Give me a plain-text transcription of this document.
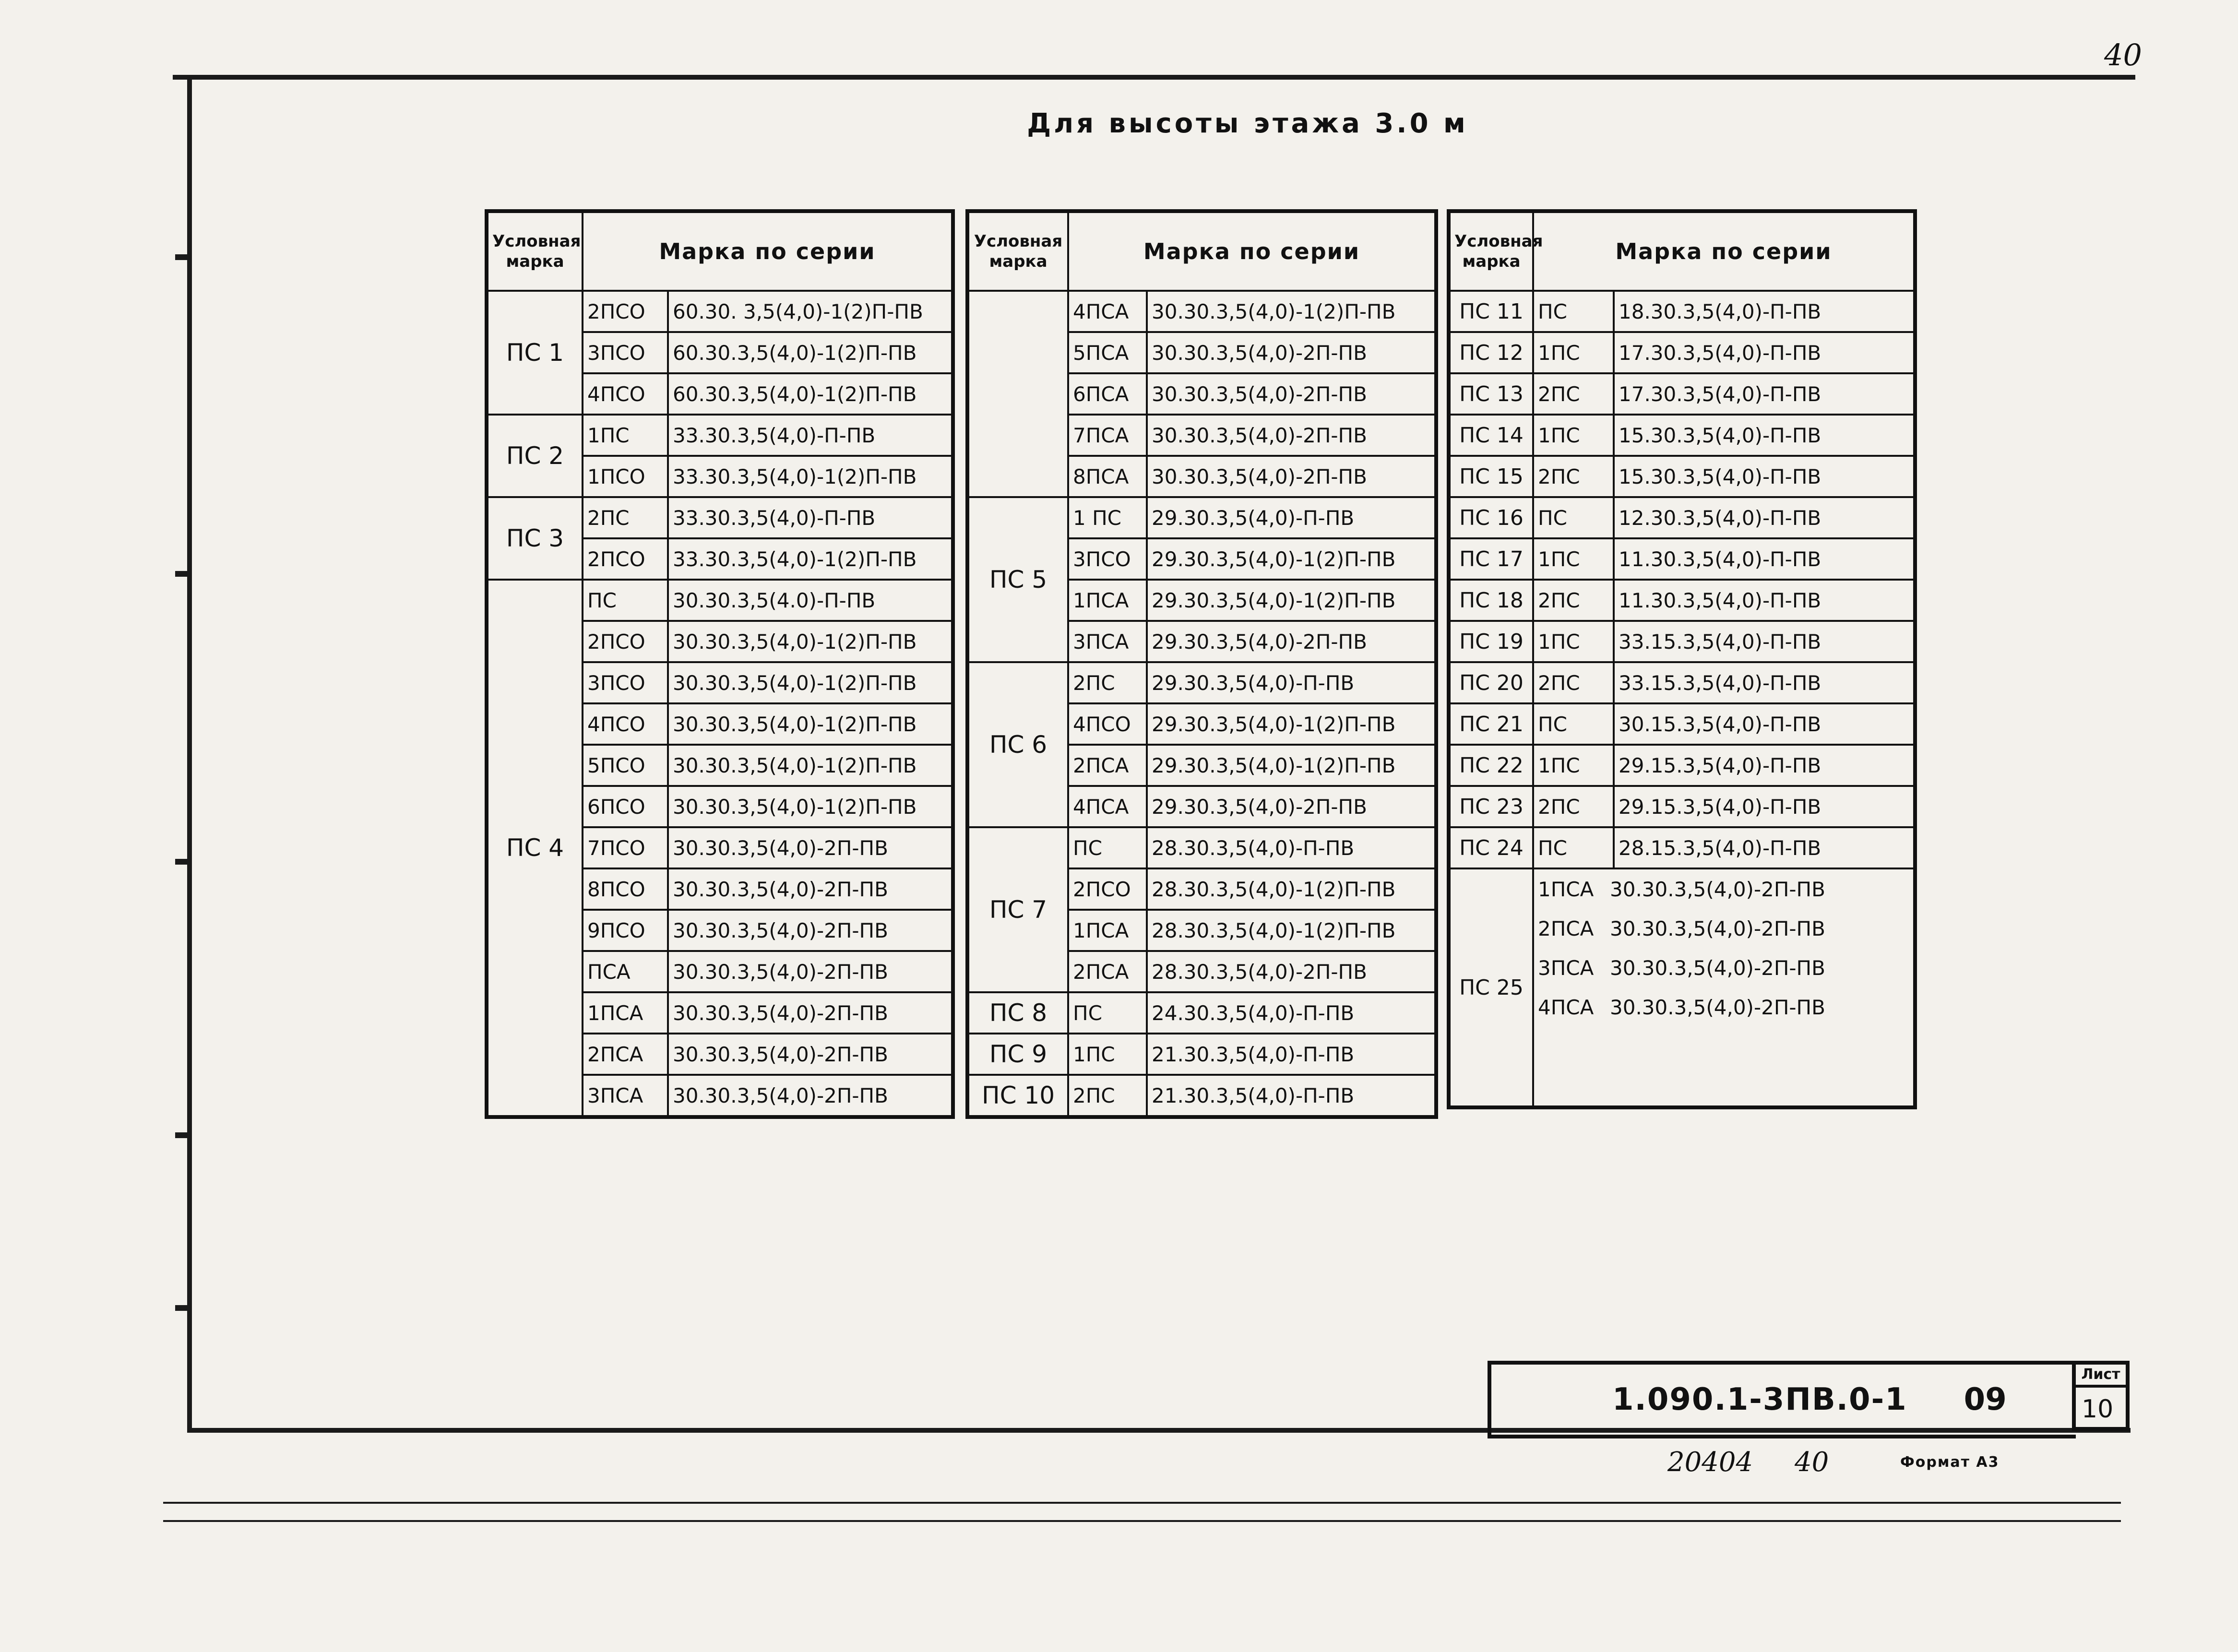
40
Для высоты этажа 3.0 м
Условная марка	Марка по серии	
ПС 1	2ПСО	60.30. 3,5(4,0)-1(2)П-ПВ
	3ПСО	60.30.3,5(4,0)-1(2)П-ПВ
	4ПСО	60.30.3,5(4,0)-1(2)П-ПВ
ПС 2	1ПС	33.30.3,5(4,0)-П-ПВ
	1ПСО	33.30.3,5(4,0)-1(2)П-ПВ
ПС 3	2ПС	33.30.3,5(4,0)-П-ПВ
	2ПСО	33.30.3,5(4,0)-1(2)П-ПВ
ПС 4	ПС	30.30.3,5(4.0)-П-ПВ
	2ПСО	30.30.3,5(4,0)-1(2)П-ПВ
	3ПСО	30.30.3,5(4,0)-1(2)П-ПВ
	4ПСО	30.30.3,5(4,0)-1(2)П-ПВ
	5ПСО	30.30.3,5(4,0)-1(2)П-ПВ
	6ПСО	30.30.3,5(4,0)-1(2)П-ПВ
	7ПСО	30.30.3,5(4,0)-2П-ПВ
	8ПСО	30.30.3,5(4,0)-2П-ПВ
	9ПСО	30.30.3,5(4,0)-2П-ПВ
	ПСА	30.30.3,5(4,0)-2П-ПВ
	1ПСА	30.30.3,5(4,0)-2П-ПВ
	2ПСА	30.30.3,5(4,0)-2П-ПВ
	3ПСА	30.30.3,5(4,0)-2П-ПВ
Условная марка	Марка по серии	
	4ПСА	30.30.3,5(4,0)-1(2)П-ПВ
	5ПСА	30.30.3,5(4,0)-2П-ПВ
	6ПСА	30.30.3,5(4,0)-2П-ПВ
	7ПСА	30.30.3,5(4,0)-2П-ПВ
	8ПСА	30.30.3,5(4,0)-2П-ПВ
ПС 5	1 ПС	29.30.3,5(4,0)-П-ПВ
	3ПСО	29.30.3,5(4,0)-1(2)П-ПВ
	1ПСА	29.30.3,5(4,0)-1(2)П-ПВ
	3ПСА	29.30.3,5(4,0)-2П-ПВ
ПС 6	2ПС	29.30.3,5(4,0)-П-ПВ
	4ПСО	29.30.3,5(4,0)-1(2)П-ПВ
	2ПСА	29.30.3,5(4,0)-1(2)П-ПВ
	4ПСА	29.30.3,5(4,0)-2П-ПВ
ПС 7	ПС	28.30.3,5(4,0)-П-ПВ
	2ПСО	28.30.3,5(4,0)-1(2)П-ПВ
	1ПСА	28.30.3,5(4,0)-1(2)П-ПВ
	2ПСА	28.30.3,5(4,0)-2П-ПВ
ПС 8	ПС	24.30.3,5(4,0)-П-ПВ
ПС 9	1ПС	21.30.3,5(4,0)-П-ПВ
ПС 10	2ПС	21.30.3,5(4,0)-П-ПВ
Условная марка	Марка по серии	
ПС 11	ПС	18.30.3,5(4,0)-П-ПВ
ПС 12	1ПС	17.30.3,5(4,0)-П-ПВ
ПС 13	2ПС	17.30.3,5(4,0)-П-ПВ
ПС 14	1ПС	15.30.3,5(4,0)-П-ПВ
ПС 15	2ПС	15.30.3,5(4,0)-П-ПВ
ПС 16	ПС	12.30.3,5(4,0)-П-ПВ
ПС 17	1ПС	11.30.3,5(4,0)-П-ПВ
ПС 18	2ПС	11.30.3,5(4,0)-П-ПВ
ПС 19	1ПС	33.15.3,5(4,0)-П-ПВ
ПС 20	2ПС	33.15.3,5(4,0)-П-ПВ
ПС 21	ПС	30.15.3,5(4,0)-П-ПВ
ПС 22	1ПС	29.15.3,5(4,0)-П-ПВ
ПС 23	2ПС	29.15.3,5(4,0)-П-ПВ
ПС 24	ПС	28.15.3,5(4,0)-П-ПВ
ПС 25	1ПСА 30.30.3,5(4,0)-2П-ПВ	
	2ПСА 30.30.3,5(4,0)-2П-ПВ	
	3ПСА 30.30.3,5(4,0)-2П-ПВ	
	4ПСА 30.30.3,5(4,0)-2П-ПВ	

1.090.1-3ПВ.0-1 09
Лист
10
20404 40	Формат А3
